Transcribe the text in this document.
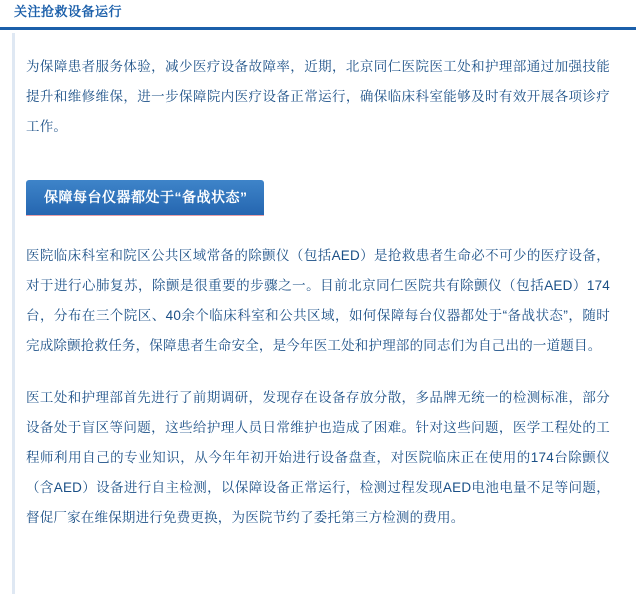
关注抢救设备运行

为保障患者服务体验，减少医疗设备故障率，近期，北京同仁医院医工处和护理部通过加强技能提升和维修维保，进一步保障院内医疗设备正常运行，确保临床科室能够及时有效开展各项诊疗工作。

保障每台仪器都处于“备战状态”

医院临床科室和院区公共区域常备的除颤仪（包括AED）是抢救患者生命必不可少的医疗设备，对于进行心肺复苏，除颤是很重要的步骤之一。目前北京同仁医院共有除颤仪（包括AED）174台，分布在三个院区、40余个临床科室和公共区域，如何保障每台仪器都处于“备战状态”，随时完成除颤抢救任务，保障患者生命安全，是今年医工处和护理部的同志们为自己出的一道题目。

医工处和护理部首先进行了前期调研，发现存在设备存放分散，多品牌无统一的检测标准，部分设备处于盲区等问题，这些给护理人员日常维护也造成了困难。针对这些问题，医学工程处的工程师利用自己的专业知识，从今年年初开始进行设备盘查，对医院临床正在使用的174台除颤仪（含AED）设备进行自主检测，以保障设备正常运行，检测过程发现AED电池电量不足等问题，督促厂家在维保期进行免费更换，为医院节约了委托第三方检测的费用。
